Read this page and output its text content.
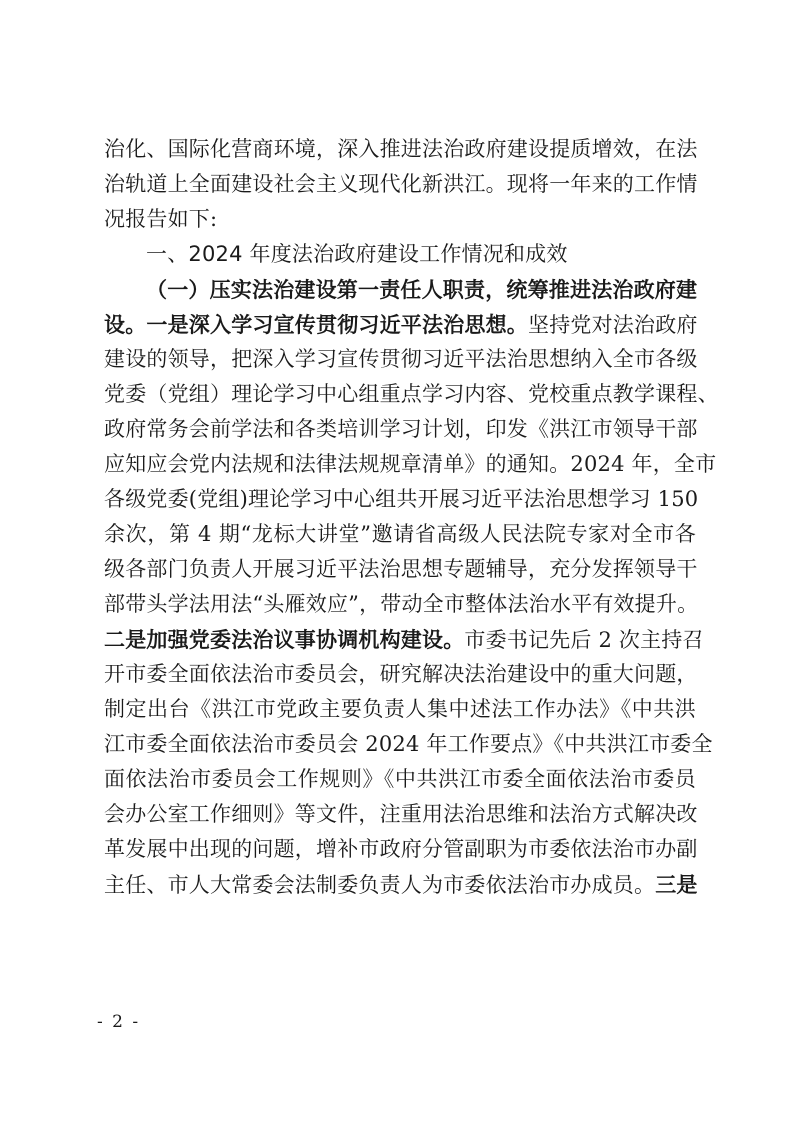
治化、国际化营商环境，深入推进法治政府建设提质增效，在法
治轨道上全面建设社会主义现代化新洪江。现将一年来的工作情
况报告如下:
一、2024 年度法治政府建设工作情况和成效
（一）压实法治建设第一责任人职责，统筹推进法治政府建
设。一是深入学习宣传贯彻习近平法治思想。坚持党对法治政府
建设的领导，把深入学习宣传贯彻习近平法治思想纳入全市各级
党委（党组）理论学习中心组重点学习内容、党校重点教学课程、
政府常务会前学法和各类培训学习计划，印发《洪江市领导干部
应知应会党内法规和法律法规规章清单》的通知。2024 年，全市
各级党委(党组)理论学习中心组共开展习近平法治思想学习 150
余次，第 4 期“龙标大讲堂”邀请省高级人民法院专家对全市各
级各部门负责人开展习近平法治思想专题辅导，充分发挥领导干
部带头学法用法“头雁效应”，带动全市整体法治水平有效提升。
二是加强党委法治议事协调机构建设。市委书记先后 2 次主持召
开市委全面依法治市委员会，研究解决法治建设中的重大问题，
制定出台《洪江市党政主要负责人集中述法工作办法》《中共洪
江市委全面依法治市委员会 2024 年工作要点》《中共洪江市委全
面依法治市委员会工作规则》《中共洪江市委全面依法治市委员
会办公室工作细则》等文件，注重用法治思维和法治方式解决改
革发展中出现的问题，增补市政府分管副职为市委依法治市办副
主任、市人大常委会法制委负责人为市委依法治市办成员。三是
- 2 -
